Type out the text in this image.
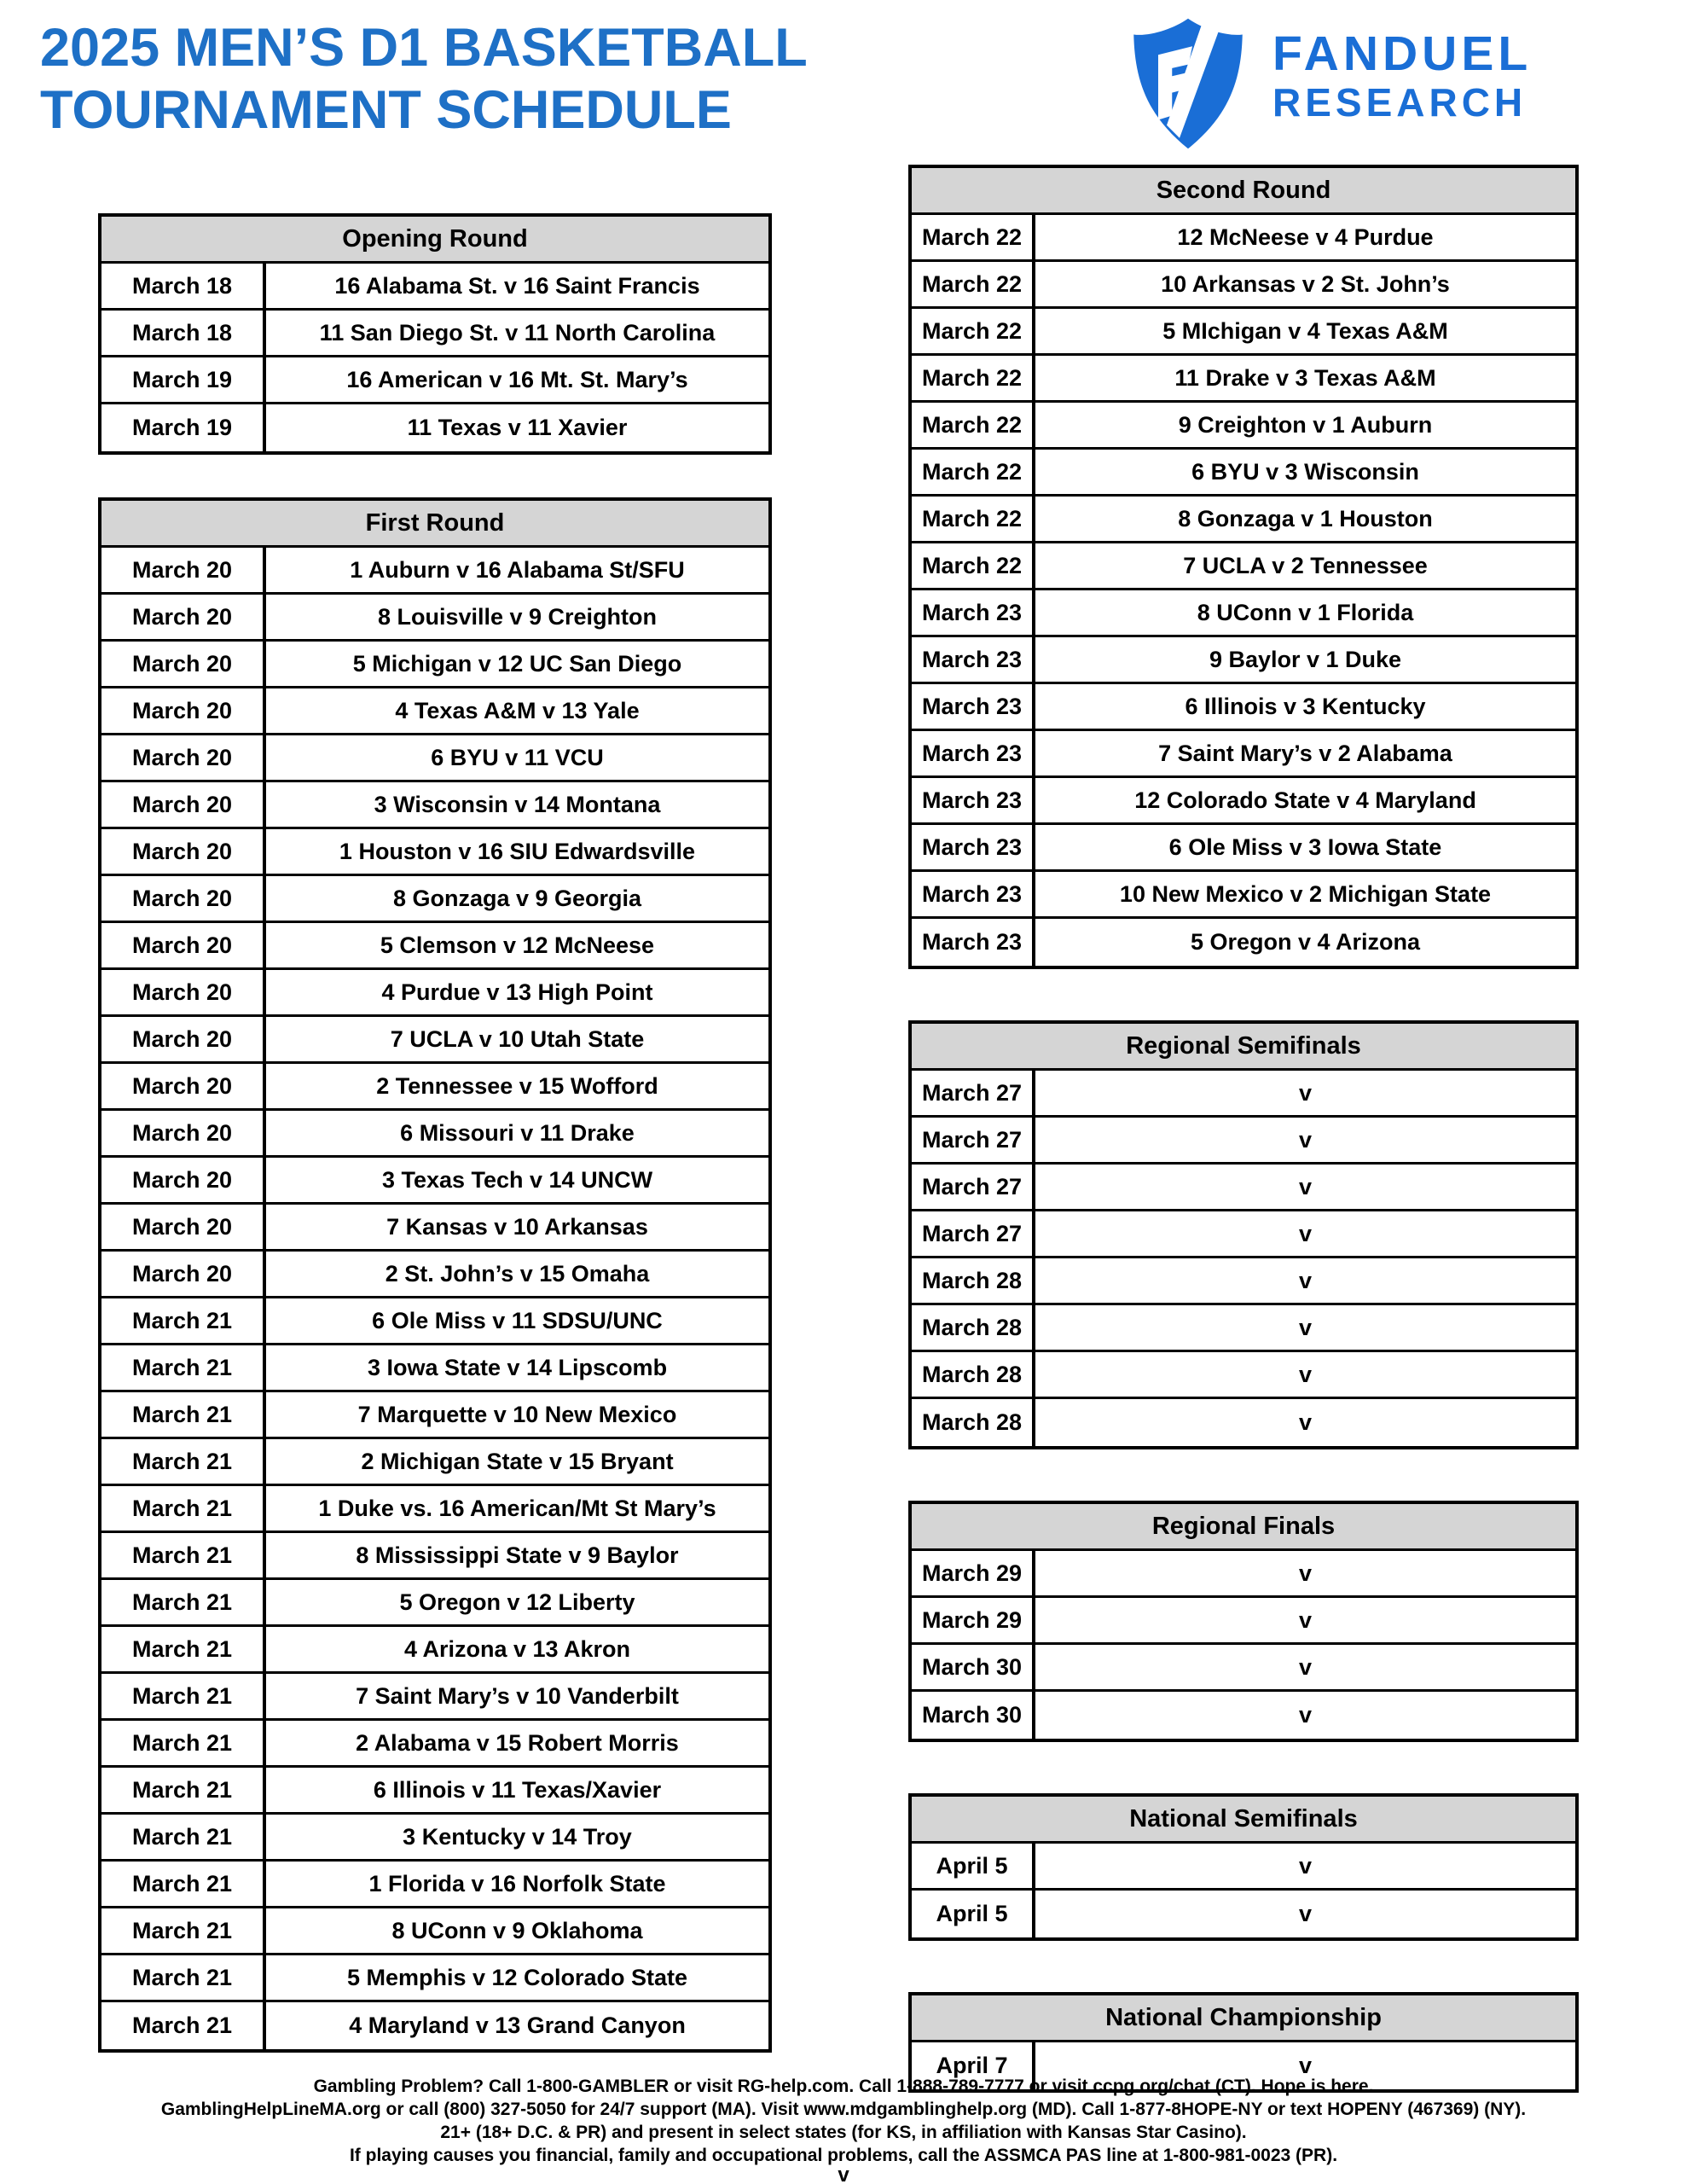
2025 MEN’S D1 BASKETBALL
TOURNAMENT SCHEDULE
FANDUEL
RESEARCH
Opening Round
March 18	16 Alabama St. v 16 Saint Francis
March 18	11 San Diego St. v 11 North Carolina
March 19	16 American v 16 Mt. St. Mary’s
March 19	11 Texas v 11 Xavier
First Round
March 20	1 Auburn v 16 Alabama St/SFU
March 20	8 Louisville v 9 Creighton
March 20	5 Michigan v 12 UC San Diego
March 20	4 Texas A&M v 13 Yale
March 20	6 BYU v 11 VCU
March 20	3 Wisconsin v 14 Montana
March 20	1 Houston v 16 SIU Edwardsville
March 20	8 Gonzaga v 9 Georgia
March 20	5 Clemson v 12 McNeese
March 20	4 Purdue v 13 High Point
March 20	7 UCLA v 10 Utah State
March 20	2 Tennessee v 15 Wofford
March 20	6 Missouri v 11 Drake
March 20	3 Texas Tech v 14 UNCW
March 20	7 Kansas v 10 Arkansas
March 20	2 St. John’s v 15 Omaha
March 21	6 Ole Miss v 11 SDSU/UNC
March 21	3 Iowa State v 14 Lipscomb
March 21	7 Marquette v 10 New Mexico
March 21	2 Michigan State v 15 Bryant
March 21	1 Duke vs. 16 American/Mt St Mary’s
March 21	8 Mississippi State v 9 Baylor
March 21	5 Oregon v 12 Liberty
March 21	4 Arizona v 13 Akron
March 21	7 Saint Mary’s v 10 Vanderbilt
March 21	2 Alabama v 15 Robert Morris
March 21	6 Illinois v 11 Texas/Xavier
March 21	3 Kentucky v 14 Troy
March 21	1 Florida v 16 Norfolk State
March 21	8 UConn v 9 Oklahoma
March 21	5 Memphis v 12 Colorado State
March 21	4 Maryland v 13 Grand Canyon
Second Round
March 22	12 McNeese v 4 Purdue
March 22	10 Arkansas v 2 St. John’s
March 22	5 MIchigan v 4 Texas A&M
March 22	11 Drake v 3 Texas A&M
March 22	9 Creighton v 1 Auburn
March 22	6 BYU v 3 Wisconsin
March 22	8 Gonzaga v 1 Houston
March 22	7 UCLA v 2 Tennessee
March 23	8 UConn v 1 Florida
March 23	9 Baylor v 1 Duke
March 23	6 Illinois v 3 Kentucky
March 23	7 Saint Mary’s v 2 Alabama
March 23	12 Colorado State v 4 Maryland
March 23	6 Ole Miss v 3 Iowa State
March 23	10 New Mexico v 2 Michigan State
March 23	5 Oregon v 4 Arizona
Regional Semifinals
March 27	v
March 27	v
March 27	v
March 27	v
March 28	v
March 28	v
March 28	v
March 28	v
Regional Finals
March 29	v
March 29	v
March 30	v
March 30	v
National Semifinals
April 5	v
April 5	v
National Championship
April 7	v
Gambling Problem? Call 1-800-GAMBLER or visit RG-help.com. Call 1-888-789-7777 or visit ccpg.org/chat (CT). Hope is here.
GamblingHelpLineMA.org or call (800) 327-5050 for 24/7 support (MA). Visit www.mdgamblinghelp.org (MD). Call 1-877-8HOPE-NY or text HOPENY (467369) (NY).
21+ (18+ D.C. & PR) and present in select states (for KS, in affiliation with Kansas Star Casino).
If playing causes you financial, family and occupational problems, call the ASSMCA PAS line at 1-800-981-0023 (PR).
v
